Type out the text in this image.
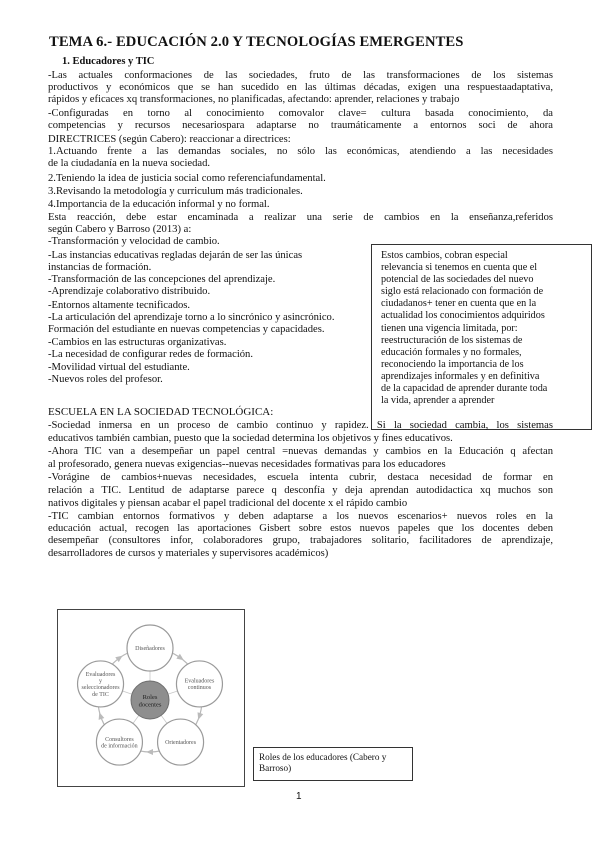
TEMA 6.- EDUCACIÓN 2.0 Y TECNOLOGÍAS EMERGENTES
1. Educadores y TIC
-Las actuales conformaciones de las sociedades, fruto de las transformaciones de los sistemas
productivos y económicos que se han sucedido en las últimas décadas, exigen una respuestaadaptativa,
rápidos y eficaces xq transformaciones, no planificadas, afectando: aprender, relaciones y trabajo
-Configuradas en torno al conocimiento comovalor clave= cultura basada conocimiento, da
competencias y recursos necesariospara adaptarse no traumáticamente a entornos soci de ahora
DIRECTRICES (según Cabero): reaccionar a directrices:
1.Actuando frente a las demandas sociales, no sólo las económicas, atendiendo a las necesidades
de la ciudadanía en la nueva sociedad.
2.Teniendo la idea de justicia social como referenciafundamental.
3.Revisando la metodología y curriculum más tradicionales.
4.Importancia de la educación informal y no formal.
Esta reacción, debe estar encaminada a realizar una serie de cambios en la enseñanza,referidos
según Cabero y Barroso (2013) a:
-Transformación y velocidad de cambio.
-Las instancias educativas regladas dejarán de ser las únicas
instancias de formación.
-Transformación de las concepciones del aprendizaje.
-Aprendizaje colaborativo distribuido.
-Entornos altamente tecnificados.
-La articulación del aprendizaje torno a lo sincrónico y asincrónico.
Formación del estudiante en nuevas competencias y capacidades.
-Cambios en las estructuras organizativas.
-La necesidad de configurar redes de formación.
-Movilidad virtual del estudiante.
-Nuevos roles del profesor.
Estos cambios, cobran especial
relevancia si tenemos en cuenta que el
potencial de las sociedades del nuevo
siglo está relacionado con formación de
ciudadanos+ tener en cuenta que en la
actualidad los conocimientos adquiridos
tienen una vigencia limitada, por:
reestructuración de los sistemas de
educación formales y no formales,
reconociendo la importancia de los
aprendizajes informales y en definitiva
de la capacidad de aprender durante toda
la vida, aprender a aprender
ESCUELA EN LA SOCIEDAD TECNOLÓGICA:
-Sociedad inmersa en un proceso de cambio continuo y rapidez. Si la sociedad cambia, los sistemas
educativos también cambian, puesto que la sociedad determina los objetivos y fines educativos.
-Ahora TIC van a desempeñar un papel central =nuevas demandas y cambios en la Educación q afectan
al profesorado, genera nuevas exigencias--nuevas necesidades formativas para los educadores
-Vorágine de cambios+nuevas necesidades, escuela intenta cubrir, destaca necesidad de formar en
relación a TIC. Lentitud de adaptarse parece q desconfía y deja aprendan autodidactica xq muchos son
nativos digitales y piensan acabar el papel tradicional del docente x el rápido cambio
-TIC cambian entornos formativos y deben adaptarse a los nuevos escenarios+ nuevos roles en la
educación actual, recogen las aportaciones Gisbert sobre estos nuevos papeles que los docentes deben
desempeñar (consultores infor, colaboradores grupo, trabajadores solitario, facilitadores de aprendizaje,
desarrolladores de cursos y materiales y supervisores académicos)
Diseñadores
Evaluadores
continuos
Orientadores
Consultores
de información
Evaluadores
y
seleccionadores
de TIC	Roles
docentes
Roles de los educadores (Cabero y Barroso)
1
